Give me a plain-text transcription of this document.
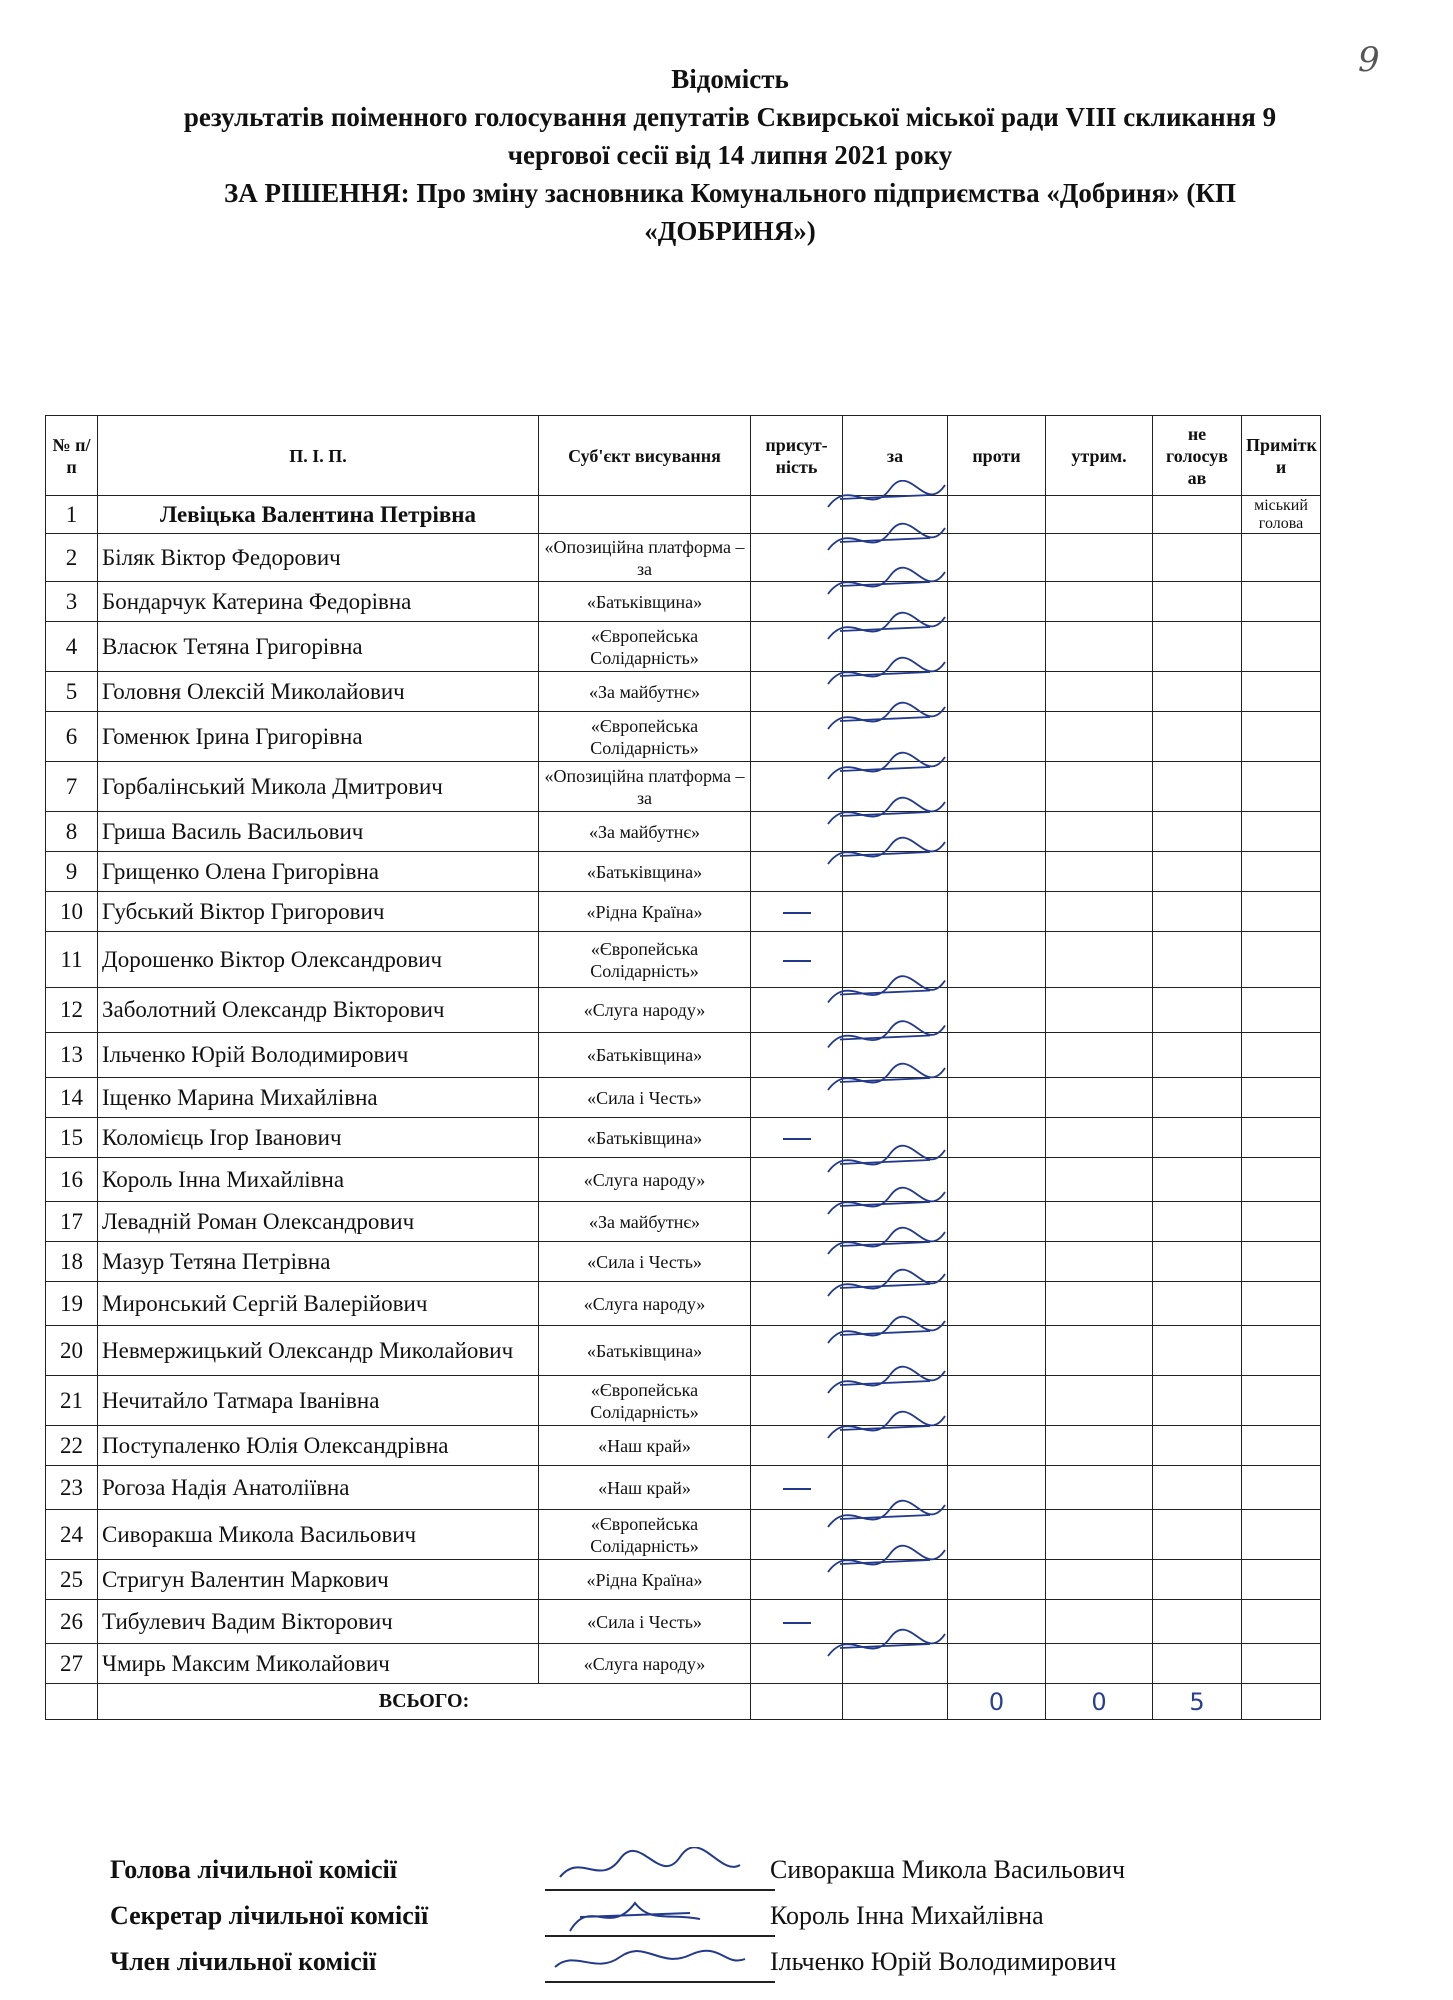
9
Відомість
результатів поіменного голосування депутатів Сквирської міської ради VIII скликання 9
чергової сесії від 14 липня 2021 року
ЗА РІШЕННЯ: Про зміну засновника Комунального підприємства «Добриня» (КП
«ДОБРИНЯ»)
№ п/п	П. І. П.	Суб'єкт висування	присут-ність	за	проти	утрим.	не голосув ав	Примітк и
1	Левіцька Валентина Петрівна							міський голова
2	Біляк Віктор Федорович	«Опозиційна платформа – за						
3	Бондарчук Катерина Федорівна	«Батьківщина»						
4	Власюк Тетяна Григорівна	«Європейська Солідарність»						
5	Головня Олексій Миколайович	«За майбутнє»						
6	Гоменюк Ірина Григорівна	«Європейська Солідарність»						
7	Горбалінський Микола Дмитрович	«Опозиційна платформа – за						
8	Гриша Василь Васильович	«За майбутнє»						
9	Грищенко Олена Григорівна	«Батьківщина»						
10	Губський Віктор Григорович	«Рідна Країна»						
11	Дорошенко Віктор Олександрович	«Європейська Солідарність»						
12	Заболотний Олександр Вікторович	«Слуга народу»						
13	Ільченко Юрій Володимирович	«Батьківщина»						
14	Іщенко Марина Михайлівна	«Сила і Честь»						
15	Коломієць Ігор Іванович	«Батьківщина»						
16	Король Інна Михайлівна	«Слуга народу»						
17	Левадній Роман Олександрович	«За майбутнє»						
18	Мазур Тетяна Петрівна	«Сила і Честь»						
19	Миронський Сергій Валерійович	«Слуга народу»						
20	Невмержицький Олександр Миколайович	«Батьківщина»						
21	Нечитайло Татмара Іванівна	«Європейська Солідарність»						
22	Поступаленко Юлія Олександрівна	«Наш край»						
23	Рогоза Надія Анатоліївна	«Наш край»						
24	Сиворакша Микола Васильович	«Європейська Солідарність»						
25	Стригун Валентин Маркович	«Рідна Країна»						
26	Тибулевич Вадим Вікторович	«Сила і Честь»						
27	Чмирь Максим Миколайович	«Слуга народу»						
	ВСЬОГО:				0	0	5	
Голова лічильної комісії	Сиворакша Микола Васильович
Секретар лічильної комісії	Король Інна Михайлівна
Член лічильної комісії	Ільченко Юрій Володимирович
